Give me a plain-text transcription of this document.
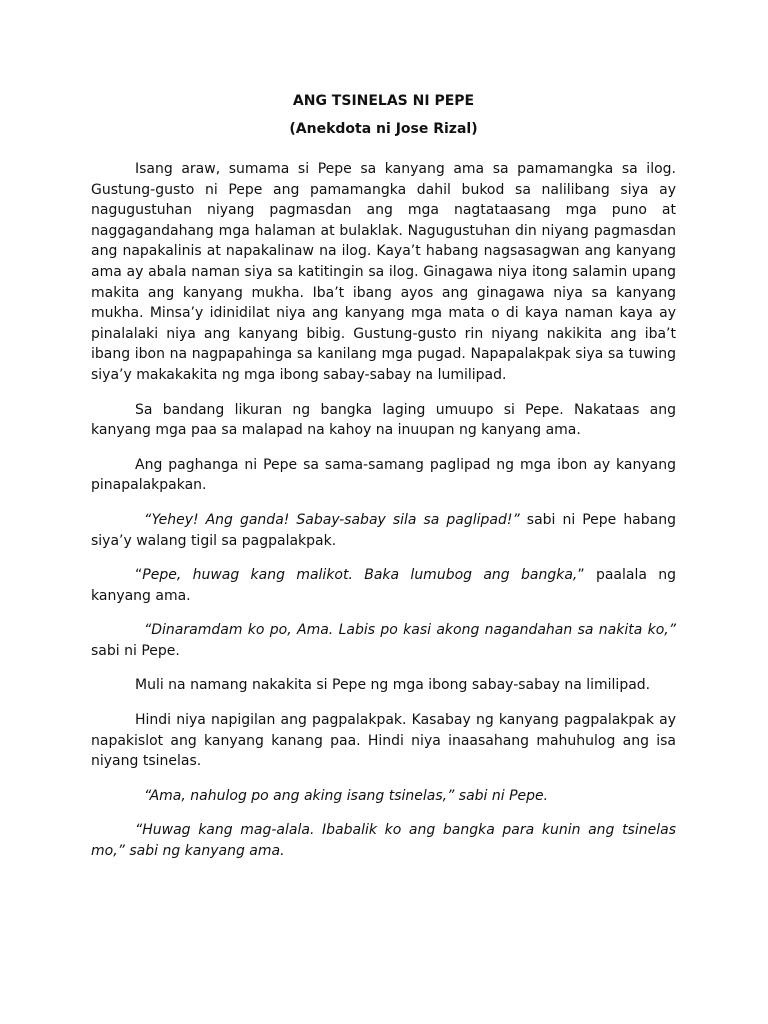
ANG TSINELAS NI PEPE

(Anekdota ni Jose Rizal)

Isang araw, sumama si Pepe sa kanyang ama sa pamamangka sa ilog. Gustung-gusto ni Pepe ang pamamangka dahil bukod sa nalilibang siya ay nagugustuhan niyang pagmasdan ang mga nagtataasang mga puno at naggagandahang mga halaman at bulaklak. Nagugustuhan din niyang pagmasdan ang napakalinis at napakalinaw na ilog. Kaya’t habang nagsasagwan ang kanyang ama ay abala naman siya sa katitingin sa ilog. Ginagawa niya itong salamin upang makita ang kanyang mukha. Iba’t ibang ayos ang ginagawa niya sa kanyang mukha. Minsa’y idinidilat niya ang kanyang mga mata o di kaya naman kaya ay pinalalaki niya ang kanyang bibig. Gustung-gusto rin niyang nakikita ang iba’t ibang ibon na nagpapahinga sa kanilang mga pugad. Napapalakpak siya sa tuwing siya’y makakakita ng mga ibong sabay-sabay na lumilipad.

Sa bandang likuran ng bangka laging umuupo si Pepe. Nakataas ang kanyang mga paa sa malapad na kahoy na inuupan ng kanyang ama.

Ang paghanga ni Pepe sa sama-samang paglipad ng mga ibon ay kanyang pinapalakpakan.

“Yehey! Ang ganda! Sabay-sabay sila sa paglipad!” sabi ni Pepe habang siya’y walang tigil sa pagpalakpak.

“Pepe, huwag kang malikot. Baka lumubog ang bangka,” paalala ng kanyang ama.

“Dinaramdam ko po, Ama. Labis po kasi akong nagandahan sa nakita ko,” sabi ni Pepe.

Muli na namang nakakita si Pepe ng mga ibong sabay-sabay na limilipad.

Hindi niya napigilan ang pagpalakpak. Kasabay ng kanyang pagpalakpak ay napakislot ang kanyang kanang paa. Hindi niya inaasahang mahuhulog ang isa niyang tsinelas.

“Ama, nahulog po ang aking isang tsinelas,” sabi ni Pepe.

“Huwag kang mag-alala. Ibabalik ko ang bangka para kunin ang tsinelas mo,” sabi ng kanyang ama.
